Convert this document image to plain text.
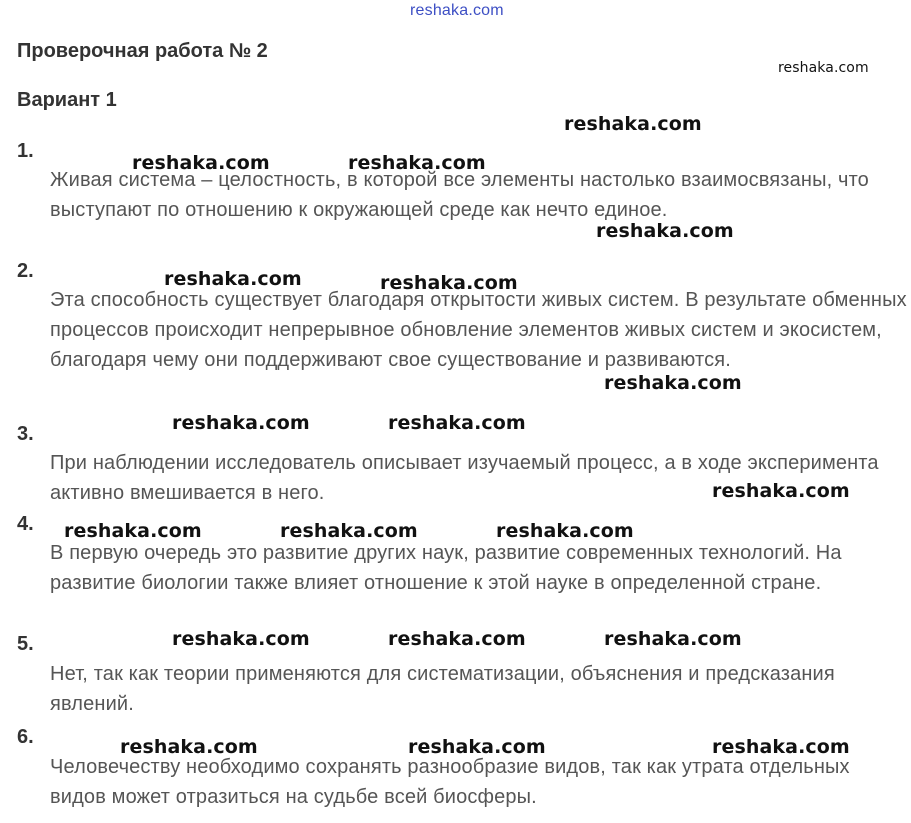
reshaka.com
Проверочная работа № 2
Вариант 1
1.
Живая система – целостность, в которой все элементы настолько взаимосвязаны, что выступают по отношению к окружающей среде как нечто единое.
2.
Эта способность существует благодаря открытости живых систем. В результате обменных процессов происходит непрерывное обновление элементов живых систем и экосистем, благодаря чему они поддерживают свое существование и развиваются.
3.
При наблюдении исследователь описывает изучаемый процесс, а в ходе эксперимента активно вмешивается в него.
4.
В первую очередь это развитие других наук, развитие современных технологий. На развитие биологии также влияет отношение к этой науке в определенной стране.
5.
Нет, так как теории применяются для систематизации, объяснения и предсказания явлений.
6.
Человечеству необходимо сохранять разнообразие видов, так как утрата отдельных видов может отразиться на судьбе всей биосферы.
reshaka.com
reshaka.com
reshaka.com	reshaka.com
reshaka.com
reshaka.com	reshaka.com
reshaka.com
reshaka.com	reshaka.com
reshaka.com
reshaka.com	reshaka.com	reshaka.com
reshaka.com	reshaka.com	reshaka.com
reshaka.com	reshaka.com	reshaka.com
